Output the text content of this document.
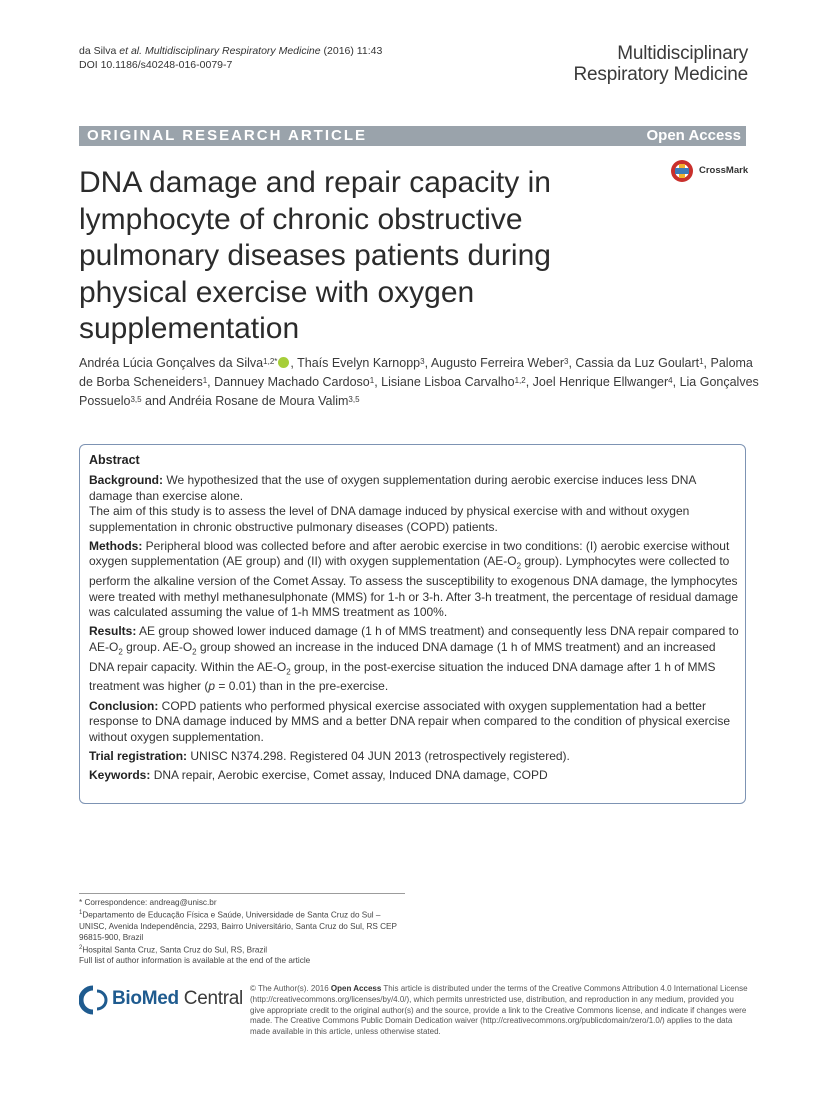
da Silva et al. Multidisciplinary Respiratory Medicine (2016) 11:43
DOI 10.1186/s40248-016-0079-7
Multidisciplinary
Respiratory Medicine
ORIGINAL RESEARCH ARTICLE	Open Access
DNA damage and repair capacity in lymphocyte of chronic obstructive pulmonary diseases patients during physical exercise with oxygen supplementation
CrossMark
Andréa Lúcia Gonçalves da Silva$^{1,2*}$ , Thaís Evelyn Karnopp$^3$, Augusto Ferreira Weber$^3$, Cassia da Luz Goulart$^1$, Paloma de Borba Scheneiders$^1$, Dannuey Machado Cardoso$^1$, Lisiane Lisboa Carvalho$^{1,2}$, Joel Henrique Ellwanger$^4$, Lia Gonçalves Possuelo$^{3,5}$ and Andréia Rosane de Moura Valim$^{3,5}$
Abstract

Background: We hypothesized that the use of oxygen supplementation during aerobic exercise induces less DNA damage than exercise alone.
The aim of this study is to assess the level of DNA damage induced by physical exercise with and without oxygen supplementation in chronic obstructive pulmonary diseases (COPD) patients.

Methods: Peripheral blood was collected before and after aerobic exercise in two conditions: (I) aerobic exercise without oxygen supplementation (AE group) and (II) with oxygen supplementation ($AE-O_2$ group). Lymphocytes were collected to perform the alkaline version of the Comet Assay. To assess the susceptibility to exogenous DNA damage, the lymphocytes were treated with methyl methanesulphonate (MMS) for 1-h or 3-h. After 3-h treatment, the percentage of residual damage was calculated assuming the value of 1-h MMS treatment as 100%.

Results: AE group showed lower induced damage (1 h of MMS treatment) and consequently less DNA repair compared to $AE-O_2$ group. $AE-O_2$ group showed an increase in the induced DNA damage (1 h of MMS treatment) and an increased DNA repair capacity. Within the $AE-O_2$ group, in the post-exercise situation the induced DNA damage after 1 h of MMS treatment was higher (p = 0.01) than in the pre-exercise.

Conclusion: COPD patients who performed physical exercise associated with oxygen supplementation had a better response to DNA damage induced by MMS and a better DNA repair when compared to the condition of physical exercise without oxygen supplementation.

Trial registration: UNISC N374.298. Registered 04 JUN 2013 (retrospectively registered).

Keywords: DNA repair, Aerobic exercise, Comet assay, Induced DNA damage, COPD

* Correspondence: andreag@unisc.br
$^1$Departamento de Educação Física e Saúde, Universidade de Santa Cruz do Sul – UNISC, Avenida Independência, 2293, Bairro Universitário, Santa Cruz do Sul, RS CEP 96815-900, Brazil
$^2$Hospital Santa Cruz, Santa Cruz do Sul, RS, Brazil
Full list of author information is available at the end of the article
BioMed Central © The Author(s). 2016 Open Access This article is distributed under the terms of the Creative Commons Attribution 4.0 International License (http://creativecommons.org/licenses/by/4.0/), which permits unrestricted use, distribution, and reproduction in any medium, provided you give appropriate credit to the original author(s) and the source, provide a link to the Creative Commons license, and indicate if changes were made. The Creative Commons Public Domain Dedication waiver (http://creativecommons.org/publicdomain/zero/1.0/) applies to the data made available in this article, unless otherwise stated.
